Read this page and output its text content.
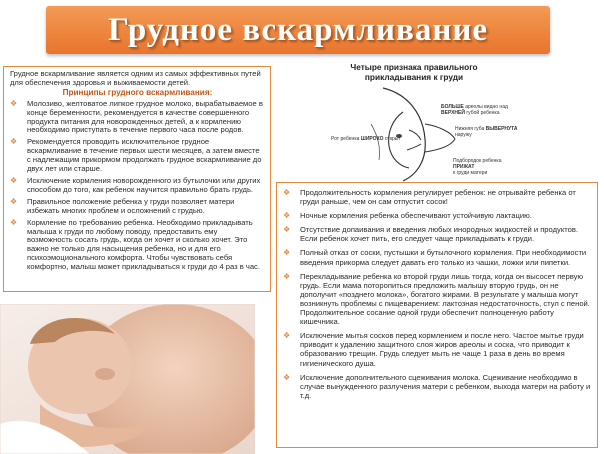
Грудное вскармливание

Грудное вскармливание является одним из самых эффективных путей для обеспечения здоровья и выживаемости детей.

Принципы грудного вскармливания:
❖ Молозиво, желтоватое липкое грудное молоко, вырабатываемое в конце беременности, рекомендуется в качестве совершенного продукта питания для новорожденных детей, а к кормлению необходимо приступать в течение первого часа после родов.
❖ Рекомендуется проводить исключительное грудное вскармливание в течение первых шести месяцев, а затем вместе с надлежащим прикормом продолжать грудное вскармливание до двух лет или старше.
❖ Исключение кормления новорожденного из бутылочки или других способом до того, как ребенок научится правильно брать грудь.
❖ Правильное положение ребенка у груди позволяет матери избежать многих проблем и осложнений с грудью.
❖ Кормление по требованию ребенка. Необходимо прикладывать малыша к груди по любому поводу, предоставить ему возможность сосать грудь, когда он хочет и сколько хочет. Это важно не только для насыщения ребенка, но и для его психоэмоционального комфорта. Чтобы чувствовать себя комфортно, малыш может прикладываться к груди до 4 раз в час.
Четыре признака правильного прикладывания к груди
БОЛЬШЕ ареолы видно над
ВЕРХНЕЙ губой ребенка
Нижняя губа ВЫВЕРНУТА
наружу
Рот ребенка ШИРОКО открыт
Подбородок ребенка
ПРИЖАТ
к груди матери
❖ Продолжительность кормления регулирует ребенок: не отрывайте ребенка от груди раньше, чем он сам отпустит сосок!
❖ Ночные кормления ребенка обеспечивают устойчивую лактацию.
❖ Отсутствие допаивания и введения любых инородных жидкостей и продуктов. Если ребенок хочет пить, его следует чаще прикладывать к груди.
❖ Полный отказ от соски, пустышки и бутылочного кормления. При необходимости введения прикорма следует давать его только из чашки, ложки или пипетки.
❖ Перекладывание ребенка ко второй груди лишь тогда, когда он высосет первую грудь. Если мама поторопиться предложить малышу вторую грудь, он не дополучит «позднего молока», богатого жирами. В результате у малыша могут возникнуть проблемы с пищеварением: лактозная недостаточность, стул с пеной. Продолжительное сосание одной груди обеспечит полноценную работу кишечника.
❖ Исключение мытья сосков перед кормлением и после него. Частое мытье груди приводит к удалению защитного слоя жиров ареолы и соска, что приводит к образованию трещин. Грудь следует мыть не чаще 1 раза в день во время гигиенического душа.
❖ Исключение дополнительного сцеживания молока. Сцеживание необходимо в случае вынужденного разлучения матери с ребенком, выхода матери на работу и т.д.
